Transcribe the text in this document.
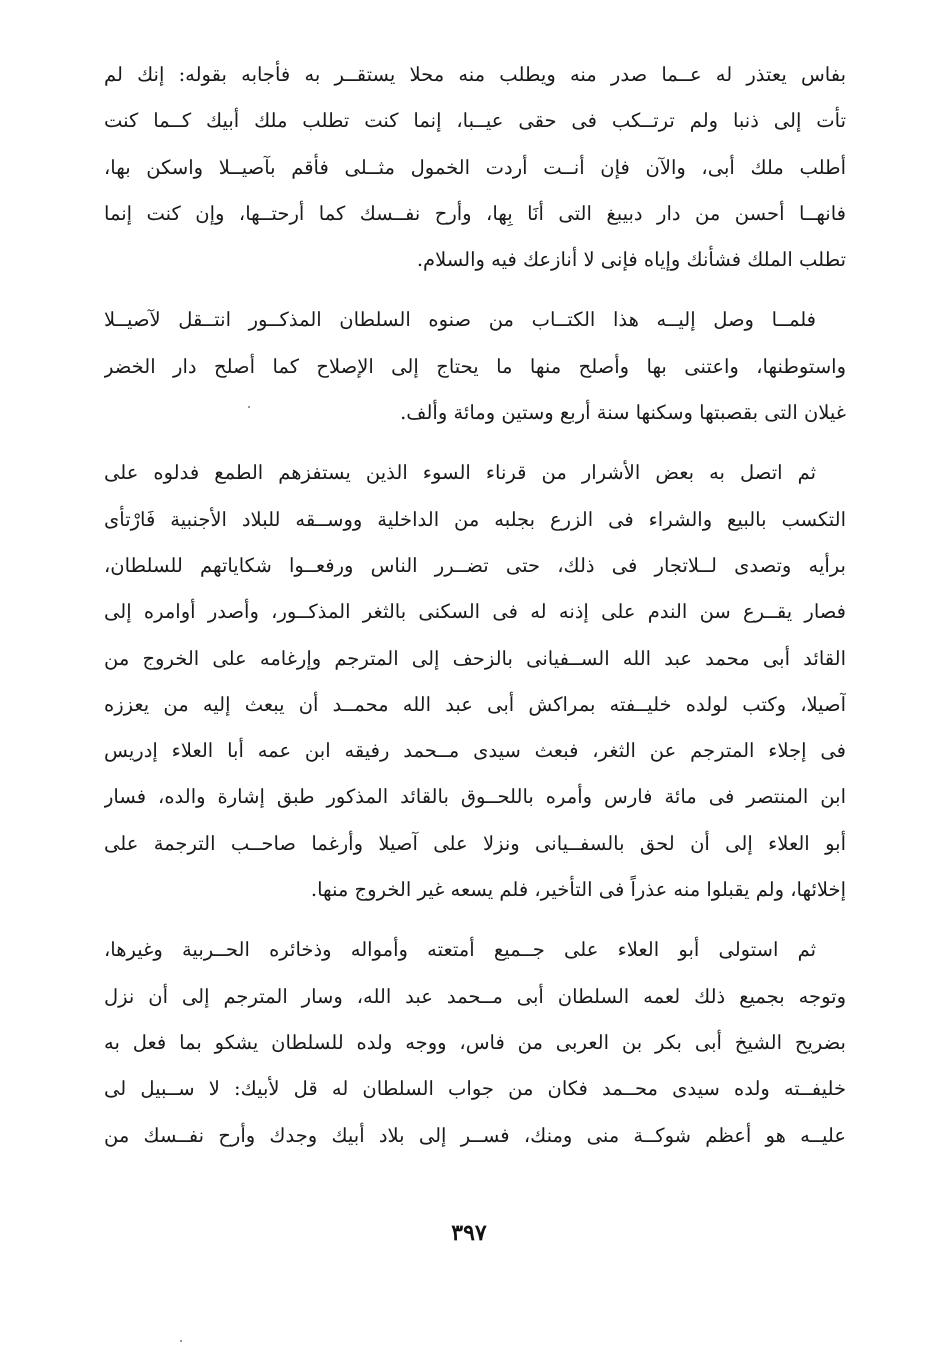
بفاس يعتذر له عــما صدر منه ويطلب منه محلا يستقــر به فأجابه بقوله: إنك لم
تأت إلى ذنبا ولم ترتــكب فى حقى عيــبا، إنما كنت تطلب ملك أبيك كــما كنت
أطلب ملك أبى، والآن فإن أنــت أردت الخمول مثــلى فأقم بآصيــلا واسكن بها،
فانهــا أحسن من دار دبيبغ التى أنَا بِها، وأرح نفــسك كما أرحتــها، وإن كنت إنما
تطلب الملك فشأنك وإياه فإنى لا أنازعك فيه والسلام.
فلمــا وصل إليــه هذا الكتــاب من صنوه السلطان المذكــور انتــقل لآصيــلا
واستوطنها، واعتنى بها وأصلح منها ما يحتاج إلى الإصلاح كما أصلح دار الخضر
غيلان التى بقصبتها وسكنها سنة أربع وستين ومائة وألف.
ثم اتصل به بعض الأشرار من قرناء السوء الذين يستفزهم الطمع فدلوه على
التكسب بالبيع والشراء فى الزرع بجلبه من الداخلية ووســقه للبلاد الأجنبية فَارْتأى
برأيه وتصدى لــلاتجار فى ذلك، حتى تضــرر الناس ورفعــوا شكاياتهم للسلطان،
فصار يقــرع سن الندم على إذنه له فى السكنى بالثغر المذكــور، وأصدر أوامره إلى
القائد أبى محمد عبد الله الســفيانى بالزحف إلى المترجم وإرغامه على الخروج من
آصيلا، وكتب لولده خليــفته بمراكش أبى عبد الله محمــد أن يبعث إليه من يعززه
فى إجلاء المترجم عن الثغر، فبعث سيدى مــحمد رفيقه ابن عمه أبا العلاء إدريس
ابن المنتصر فى مائة فارس وأمره باللحــوق بالقائد المذكور طبق إشارة والده، فسار
أبو العلاء إلى أن لحق بالسفــيانى ونزلا على آصيلا وأرغما صاحــب الترجمة على
إخلائها، ولم يقبلوا منه عذراً فى التأخير، فلم يسعه غير الخروج منها.
ثم استولى أبو العلاء على جــميع أمتعته وأمواله وذخائره الحــربية وغيرها،
وتوجه بجميع ذلك لعمه السلطان أبى مــحمد عبد الله، وسار المترجم إلى أن نزل
بضريح الشيخ أبى بكر بن العربى من فاس، ووجه ولده للسلطان يشكو بما فعل به
خليفــته ولده سيدى محــمد فكان من جواب السلطان له قل لأبيك: لا ســبيل لى
عليــه هو أعظم شوكــة منى ومنك، فســر إلى بلاد أبيك وجدك وأرح نفــسك من
٣٩٧
